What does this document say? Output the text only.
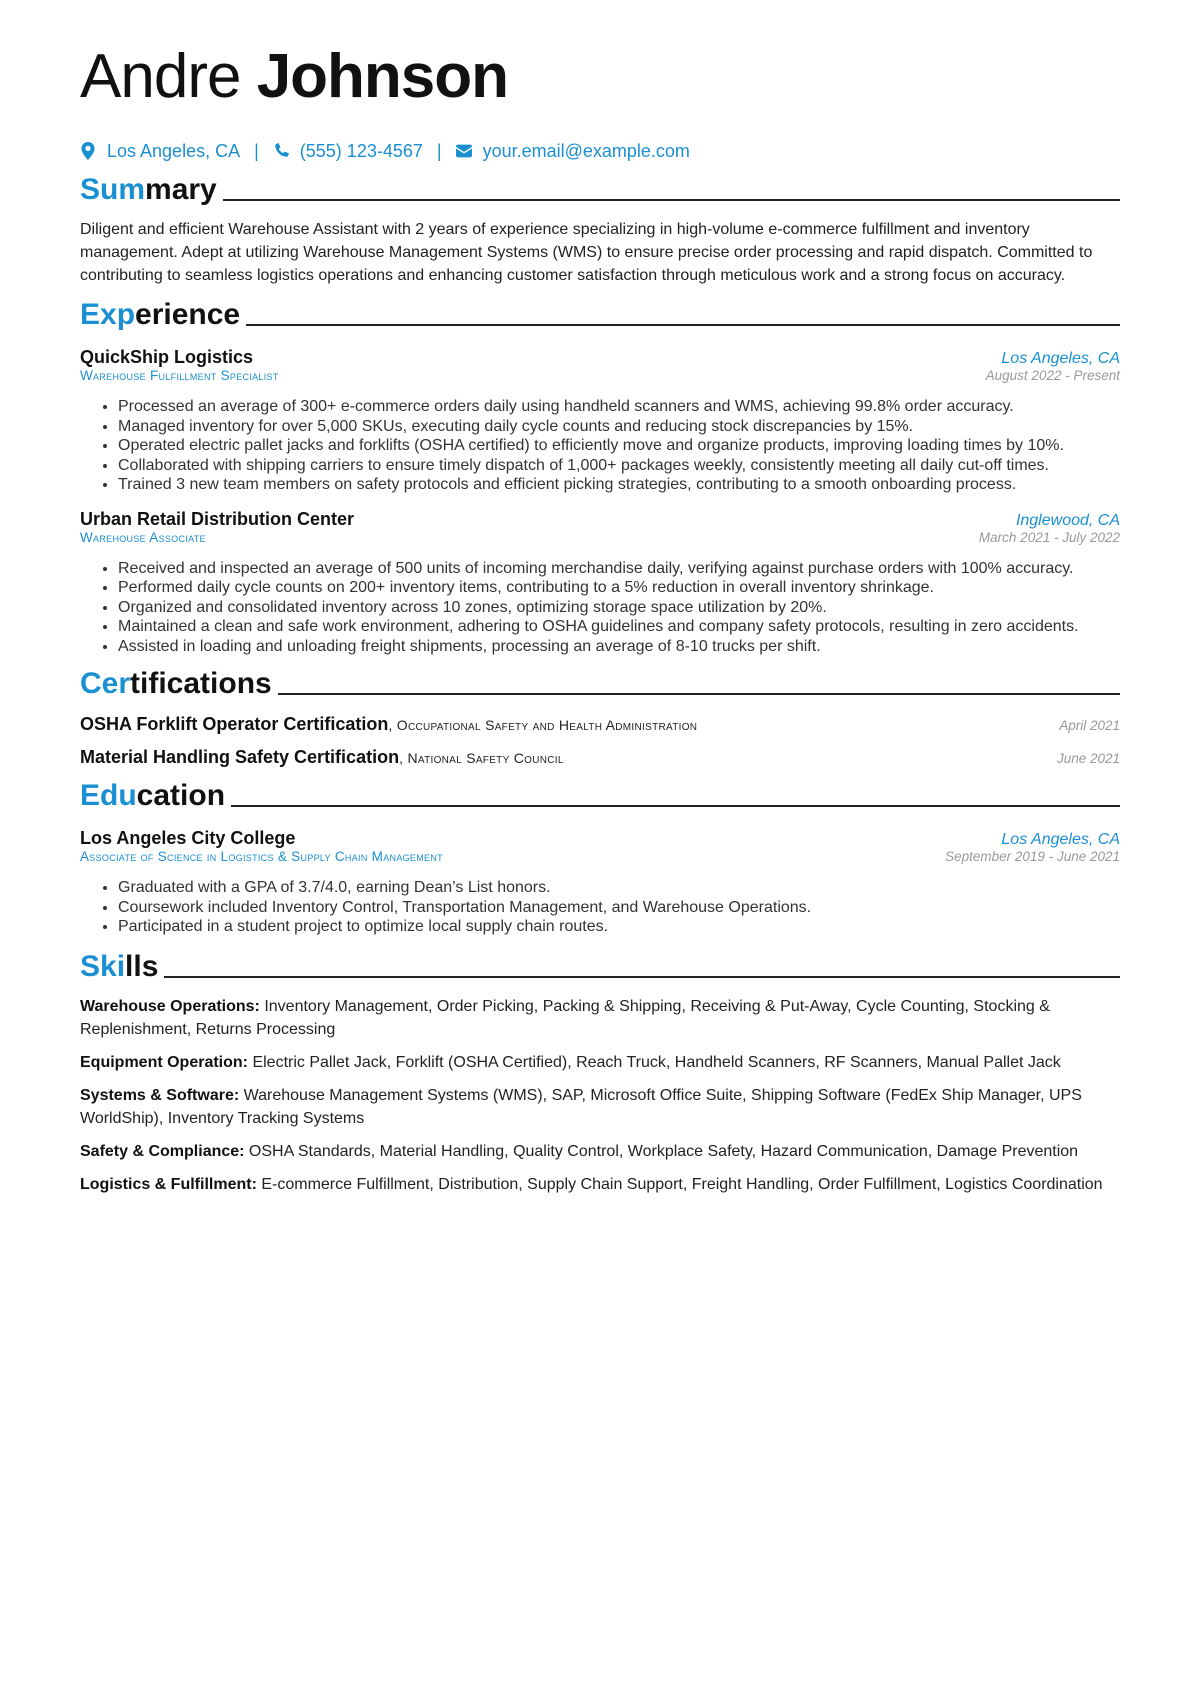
Andre Johnson
Los Angeles, CA | (555) 123-4567 | your.email@example.com
Summary
Diligent and efficient Warehouse Assistant with 2 years of experience specializing in high-volume e-commerce fulfillment and inventory management. Adept at utilizing Warehouse Management Systems (WMS) to ensure precise order processing and rapid dispatch. Committed to contributing to seamless logistics operations and enhancing customer satisfaction through meticulous work and a strong focus on accuracy.
Experience
QuickShip Logistics	Los Angeles, CA
Warehouse Fulfillment Specialist	August 2022 - Present
• Processed an average of 300+ e-commerce orders daily using handheld scanners and WMS, achieving 99.8% order accuracy.
• Managed inventory for over 5,000 SKUs, executing daily cycle counts and reducing stock discrepancies by 15%.
• Operated electric pallet jacks and forklifts (OSHA certified) to efficiently move and organize products, improving loading times by 10%.
• Collaborated with shipping carriers to ensure timely dispatch of 1,000+ packages weekly, consistently meeting all daily cut-off times.
• Trained 3 new team members on safety protocols and efficient picking strategies, contributing to a smooth onboarding process.
Urban Retail Distribution Center	Inglewood, CA
Warehouse Associate	March 2021 - July 2022
• Received and inspected an average of 500 units of incoming merchandise daily, verifying against purchase orders with 100% accuracy.
• Performed daily cycle counts on 200+ inventory items, contributing to a 5% reduction in overall inventory shrinkage.
• Organized and consolidated inventory across 10 zones, optimizing storage space utilization by 20%.
• Maintained a clean and safe work environment, adhering to OSHA guidelines and company safety protocols, resulting in zero accidents.
• Assisted in loading and unloading freight shipments, processing an average of 8-10 trucks per shift.
Certifications
OSHA Forklift Operator Certification, Occupational Safety and Health Administration	April 2021
Material Handling Safety Certification, National Safety Council	June 2021
Education
Los Angeles City College	Los Angeles, CA
Associate of Science in Logistics & Supply Chain Management	September 2019 - June 2021
• Graduated with a GPA of 3.7/4.0, earning Dean’s List honors.
• Coursework included Inventory Control, Transportation Management, and Warehouse Operations.
• Participated in a student project to optimize local supply chain routes.
Skills
Warehouse Operations: Inventory Management, Order Picking, Packing & Shipping, Receiving & Put-Away, Cycle Counting, Stocking & Replenishment, Returns Processing
Equipment Operation: Electric Pallet Jack, Forklift (OSHA Certified), Reach Truck, Handheld Scanners, RF Scanners, Manual Pallet Jack
Systems & Software: Warehouse Management Systems (WMS), SAP, Microsoft Office Suite, Shipping Software (FedEx Ship Manager, UPS WorldShip), Inventory Tracking Systems
Safety & Compliance: OSHA Standards, Material Handling, Quality Control, Workplace Safety, Hazard Communication, Damage Prevention
Logistics & Fulfillment: E-commerce Fulfillment, Distribution, Supply Chain Support, Freight Handling, Order Fulfillment, Logistics Coordination
